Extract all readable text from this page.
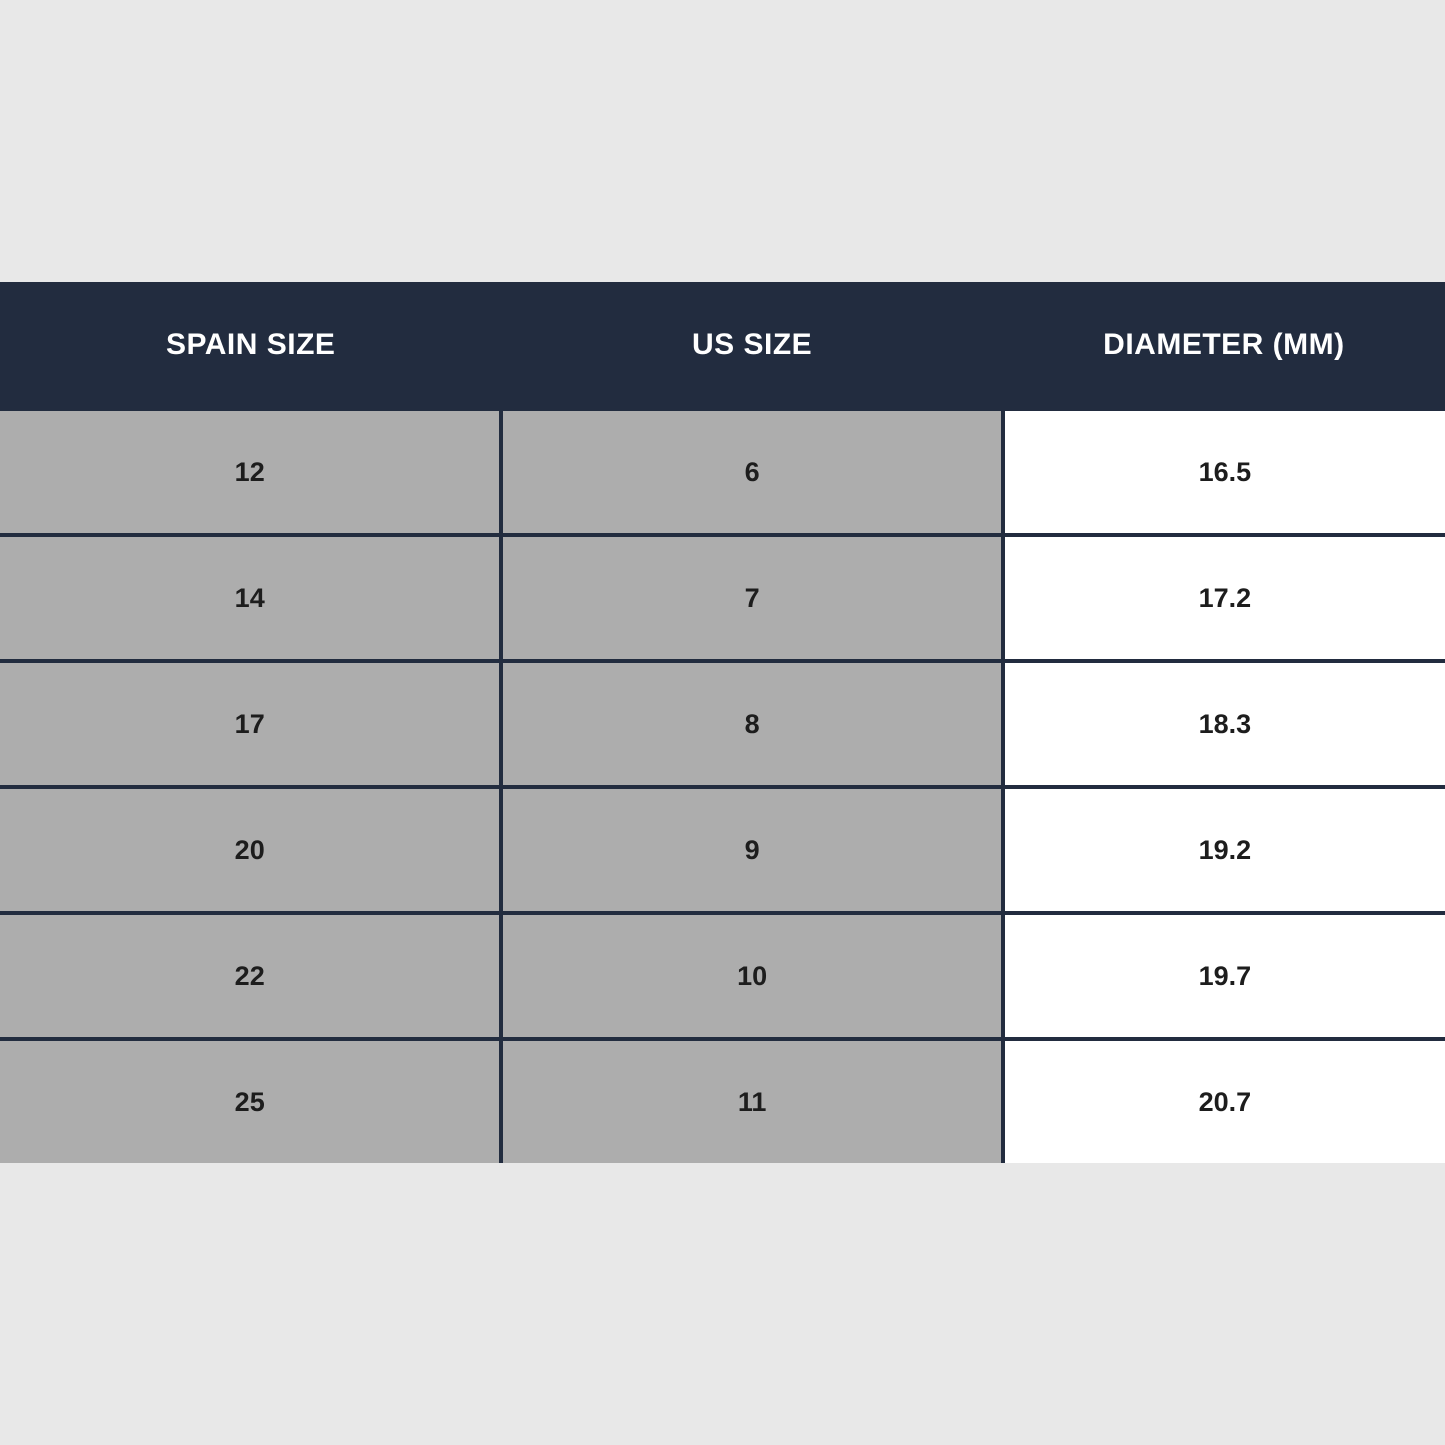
SPAIN SIZE	US SIZE	DIAMETER (MM)
12	6	16.5
14	7	17.2
17	8	18.3
20	9	19.2
22	10	19.7
25	11	20.7
